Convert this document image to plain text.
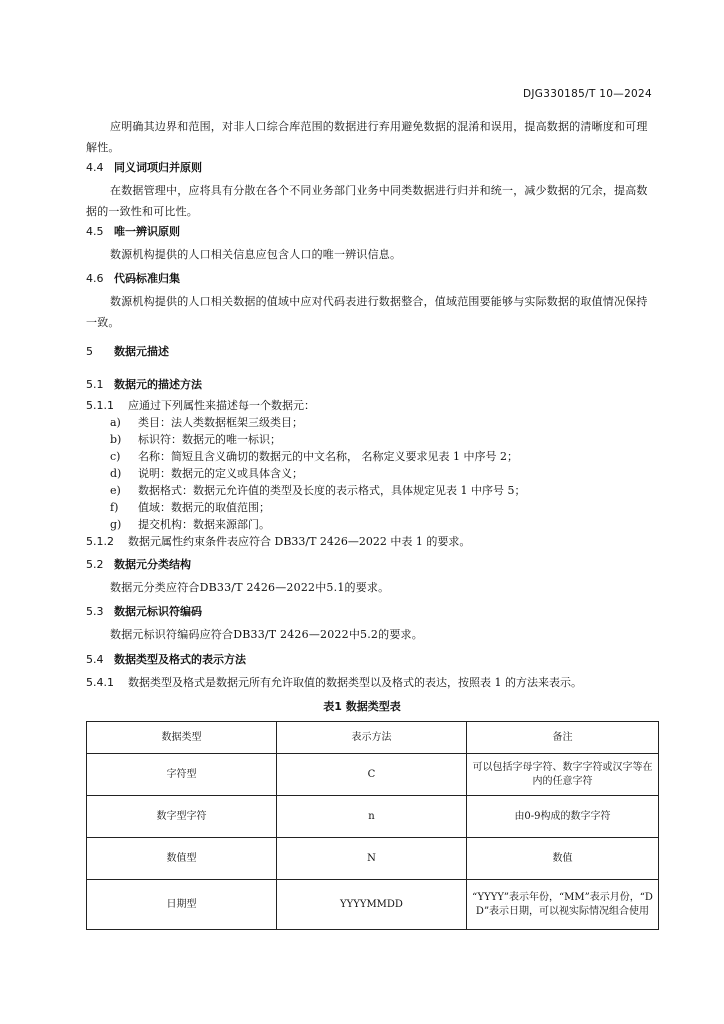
DJG330185/T 10—2024
应明确其边界和范围，对非人口综合库范围的数据进行弃用避免数据的混淆和误用，提高数据的清晰度和可理解性。
4.4 同义词项归并原则
在数据管理中，应将具有分散在各个不同业务部门业务中同类数据进行归并和统一，减少数据的冗余，提高数据的一致性和可比性。
4.5 唯一辨识原则
数源机构提供的人口相关信息应包含人口的唯一辨识信息。
4.6 代码标准归集
数源机构提供的人口相关数据的值域中应对代码表进行数据整合，值域范围要能够与实际数据的取值情况保持一致。
5 数据元描述
5.1 数据元的描述方法
5.1.1 应通过下列属性来描述每一个数据元：
a) 类目：法人类数据框架三级类目；
b) 标识符：数据元的唯一标识；
c) 名称：简短且含义确切的数据元的中文名称， 名称定义要求见表 1 中序号 2；
d) 说明：数据元的定义或具体含义；
e) 数据格式：数据元允许值的类型及长度的表示格式，具体规定见表 1 中序号 5；
f) 值域：数据元的取值范围；
g) 提交机构：数据来源部门。
5.1.2 数据元属性约束条件表应符合 DB33/T 2426—2022 中表 1 的要求。
5.2 数据元分类结构
数据元分类应符合DB33/T 2426—2022中5.1的要求。
5.3 数据元标识符编码
数据元标识符编码应符合DB33/T 2426—2022中5.2的要求。
5.4 数据类型及格式的表示方法
5.4.1 数据类型及格式是数据元所有允许取值的数据类型以及格式的表达，按照表 1 的方法来表示。
表1 数据类型表
数据类型	表示方法	备注
字符型	C	可以包括字母字符、数字字符或汉字等在内的任意字符
数字型字符	n	由0-9构成的数字字符
数值型	N	数值
日期型	YYYYMMDD	“YYYY”表示年份，“MM”表示月份，“DD”表示日期，可以视实际情况组合使用
